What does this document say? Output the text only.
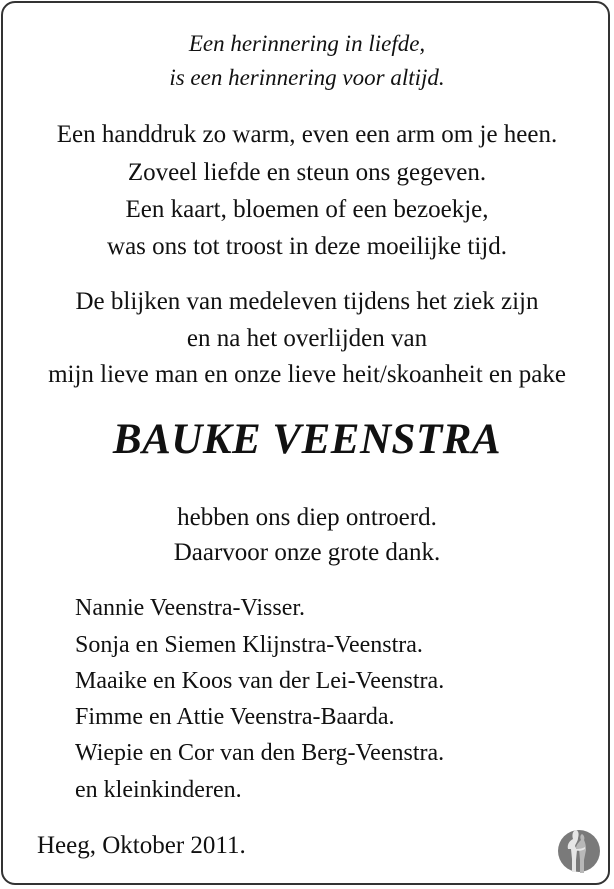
Een herinnering in liefde,
is een herinnering voor altijd.
Een handdruk zo warm, even een arm om je heen.
Zoveel liefde en steun ons gegeven.
Een kaart, bloemen of een bezoekje,
was ons tot troost in deze moeilijke tijd.
De blijken van medeleven tijdens het ziek zijn
en na het overlijden van
mijn lieve man en onze lieve heit/skoanheit en pake
BAUKE VEENSTRA
hebben ons diep ontroerd.
Daarvoor onze grote dank.
Nannie Veenstra-Visser.
Sonja en Siemen Klijnstra-Veenstra.
Maaike en Koos van der Lei-Veenstra.
Fimme en Attie Veenstra-Baarda.
Wiepie en Cor van den Berg-Veenstra.
en kleinkinderen.
Heeg, Oktober 2011.
